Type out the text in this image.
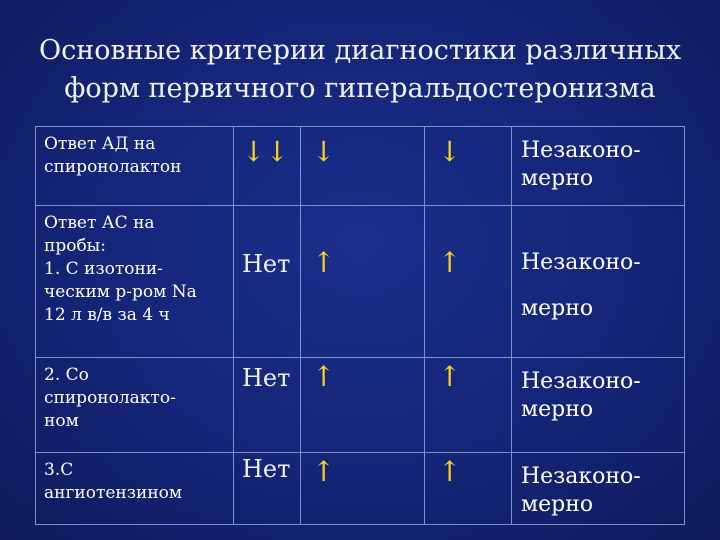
Основные критерии диагностики различных
форм первичного гиперальдостеронизма
Ответ АД на
спиронолактон	↓↓	↓	↓	Незаконо-
мерно

Ответ АС на
пробы:
1. С изотони-
ческим р-ром Na
12 л в/в за 4 ч	Нет	↑	↑	Незаконо-
мерно

2. Со
спиронолакто-
ном	Нет	↑	↑	Незаконо-
мерно

3.С
ангиотензином	Нет	↑	↑	Незаконо-
мерно
